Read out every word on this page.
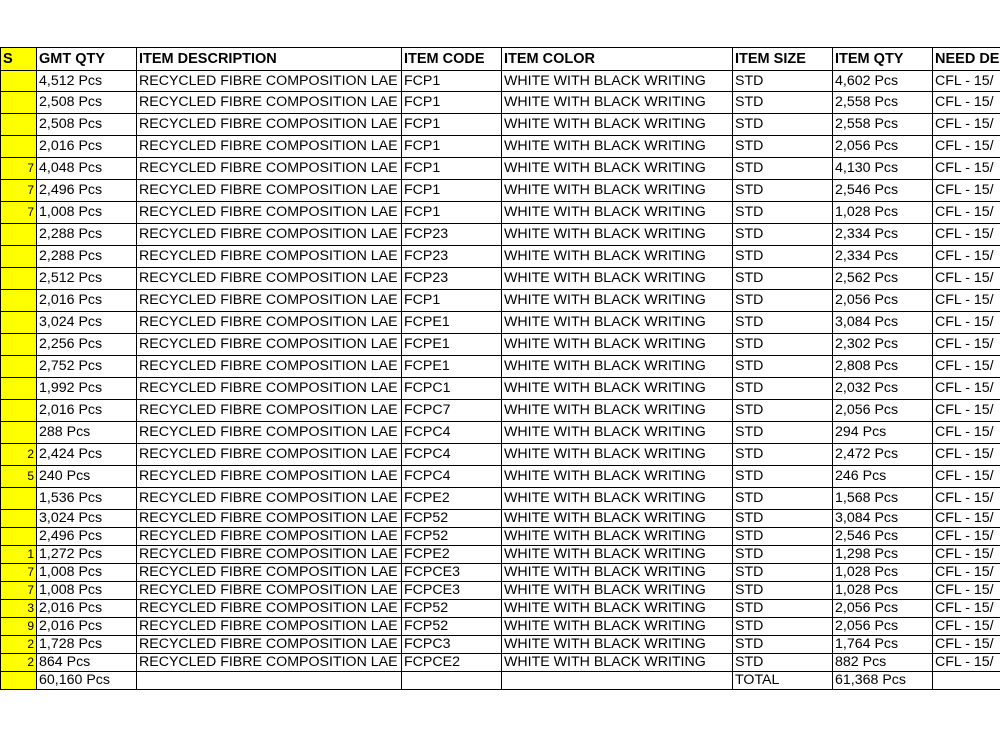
S	GMT QTY	ITEM DESCRIPTION	ITEM CODE	ITEM COLOR	ITEM SIZE	ITEM QTY	NEED DE
	4,512 Pcs	RECYCLED FIBRE COMPOSITION LAE	FCP1	WHITE WITH BLACK WRITING	STD	4,602 Pcs	CFL - 15/
	2,508 Pcs	RECYCLED FIBRE COMPOSITION LAE	FCP1	WHITE WITH BLACK WRITING	STD	2,558 Pcs	CFL - 15/
	2,508 Pcs	RECYCLED FIBRE COMPOSITION LAE	FCP1	WHITE WITH BLACK WRITING	STD	2,558 Pcs	CFL - 15/
	2,016 Pcs	RECYCLED FIBRE COMPOSITION LAE	FCP1	WHITE WITH BLACK WRITING	STD	2,056 Pcs	CFL - 15/
7	4,048 Pcs	RECYCLED FIBRE COMPOSITION LAE	FCP1	WHITE WITH BLACK WRITING	STD	4,130 Pcs	CFL - 15/
7	2,496 Pcs	RECYCLED FIBRE COMPOSITION LAE	FCP1	WHITE WITH BLACK WRITING	STD	2,546 Pcs	CFL - 15/
7	1,008 Pcs	RECYCLED FIBRE COMPOSITION LAE	FCP1	WHITE WITH BLACK WRITING	STD	1,028 Pcs	CFL - 15/
	2,288 Pcs	RECYCLED FIBRE COMPOSITION LAE	FCP23	WHITE WITH BLACK WRITING	STD	2,334 Pcs	CFL - 15/
	2,288 Pcs	RECYCLED FIBRE COMPOSITION LAE	FCP23	WHITE WITH BLACK WRITING	STD	2,334 Pcs	CFL - 15/
	2,512 Pcs	RECYCLED FIBRE COMPOSITION LAE	FCP23	WHITE WITH BLACK WRITING	STD	2,562 Pcs	CFL - 15/
	2,016 Pcs	RECYCLED FIBRE COMPOSITION LAE	FCP1	WHITE WITH BLACK WRITING	STD	2,056 Pcs	CFL - 15/
	3,024 Pcs	RECYCLED FIBRE COMPOSITION LAE	FCPE1	WHITE WITH BLACK WRITING	STD	3,084 Pcs	CFL - 15/
	2,256 Pcs	RECYCLED FIBRE COMPOSITION LAE	FCPE1	WHITE WITH BLACK WRITING	STD	2,302 Pcs	CFL - 15/
	2,752 Pcs	RECYCLED FIBRE COMPOSITION LAE	FCPE1	WHITE WITH BLACK WRITING	STD	2,808 Pcs	CFL - 15/
	1,992 Pcs	RECYCLED FIBRE COMPOSITION LAE	FCPC1	WHITE WITH BLACK WRITING	STD	2,032 Pcs	CFL - 15/
	2,016 Pcs	RECYCLED FIBRE COMPOSITION LAE	FCPC7	WHITE WITH BLACK WRITING	STD	2,056 Pcs	CFL - 15/
	288 Pcs	RECYCLED FIBRE COMPOSITION LAE	FCPC4	WHITE WITH BLACK WRITING	STD	294 Pcs	CFL - 15/
2	2,424 Pcs	RECYCLED FIBRE COMPOSITION LAE	FCPC4	WHITE WITH BLACK WRITING	STD	2,472 Pcs	CFL - 15/
5	240 Pcs	RECYCLED FIBRE COMPOSITION LAE	FCPC4	WHITE WITH BLACK WRITING	STD	246 Pcs	CFL - 15/
	1,536 Pcs	RECYCLED FIBRE COMPOSITION LAE	FCPE2	WHITE WITH BLACK WRITING	STD	1,568 Pcs	CFL - 15/
	3,024 Pcs	RECYCLED FIBRE COMPOSITION LAE	FCP52	WHITE WITH BLACK WRITING	STD	3,084 Pcs	CFL - 15/
	2,496 Pcs	RECYCLED FIBRE COMPOSITION LAE	FCP52	WHITE WITH BLACK WRITING	STD	2,546 Pcs	CFL - 15/
1	1,272 Pcs	RECYCLED FIBRE COMPOSITION LAE	FCPE2	WHITE WITH BLACK WRITING	STD	1,298 Pcs	CFL - 15/
7	1,008 Pcs	RECYCLED FIBRE COMPOSITION LAE	FCPCE3	WHITE WITH BLACK WRITING	STD	1,028 Pcs	CFL - 15/
7	1,008 Pcs	RECYCLED FIBRE COMPOSITION LAE	FCPCE3	WHITE WITH BLACK WRITING	STD	1,028 Pcs	CFL - 15/
3	2,016 Pcs	RECYCLED FIBRE COMPOSITION LAE	FCP52	WHITE WITH BLACK WRITING	STD	2,056 Pcs	CFL - 15/
9	2,016 Pcs	RECYCLED FIBRE COMPOSITION LAE	FCP52	WHITE WITH BLACK WRITING	STD	2,056 Pcs	CFL - 15/
2	1,728 Pcs	RECYCLED FIBRE COMPOSITION LAE	FCPC3	WHITE WITH BLACK WRITING	STD	1,764 Pcs	CFL - 15/
2	864 Pcs	RECYCLED FIBRE COMPOSITION LAE	FCPCE2	WHITE WITH BLACK WRITING	STD	882 Pcs	CFL - 15/
	60,160 Pcs				TOTAL	61,368 Pcs	
